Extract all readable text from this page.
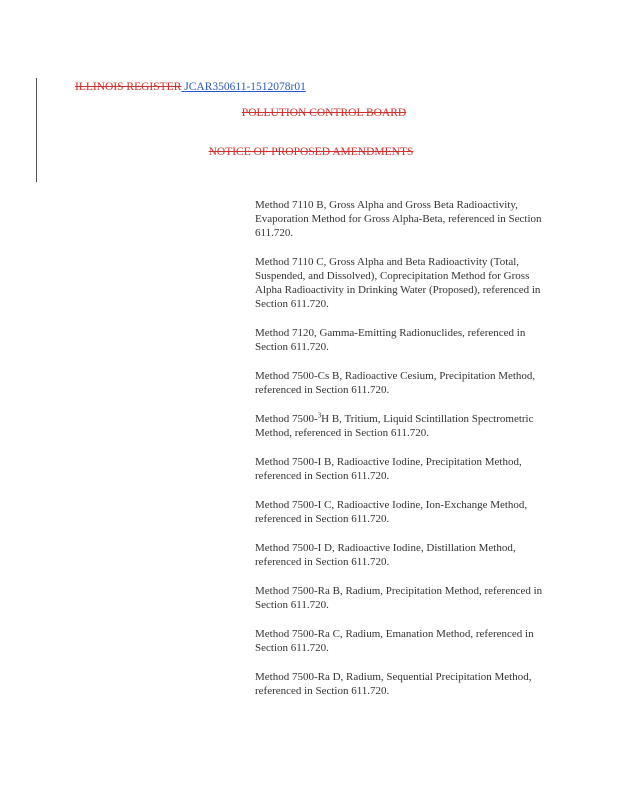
ILLINOIS REGISTER JCAR350611-1512078r01
POLLUTION CONTROL BOARD
NOTICE OF PROPOSED AMENDMENTS

Method 7110 B, Gross Alpha and Gross Beta Radioactivity, Evaporation Method for Gross Alpha-Beta, referenced in Section 611.720.

Method 7110 C, Gross Alpha and Beta Radioactivity (Total, Suspended, and Dissolved), Coprecipitation Method for Gross Alpha Radioactivity in Drinking Water (Proposed), referenced in Section 611.720.

Method 7120, Gamma-Emitting Radionuclides, referenced in Section 611.720.

Method 7500-Cs B, Radioactive Cesium, Precipitation Method, referenced in Section 611.720.

Method 7500-$^3$H B, Tritium, Liquid Scintillation Spectrometric Method, referenced in Section 611.720.

Method 7500-I B, Radioactive Iodine, Precipitation Method, referenced in Section 611.720.

Method 7500-I C, Radioactive Iodine, Ion-Exchange Method, referenced in Section 611.720.

Method 7500-I D, Radioactive Iodine, Distillation Method, referenced in Section 611.720.

Method 7500-Ra B, Radium, Precipitation Method, referenced in Section 611.720.

Method 7500-Ra C, Radium, Emanation Method, referenced in Section 611.720.

Method 7500-Ra D, Radium, Sequential Precipitation Method, referenced in Section 611.720.
